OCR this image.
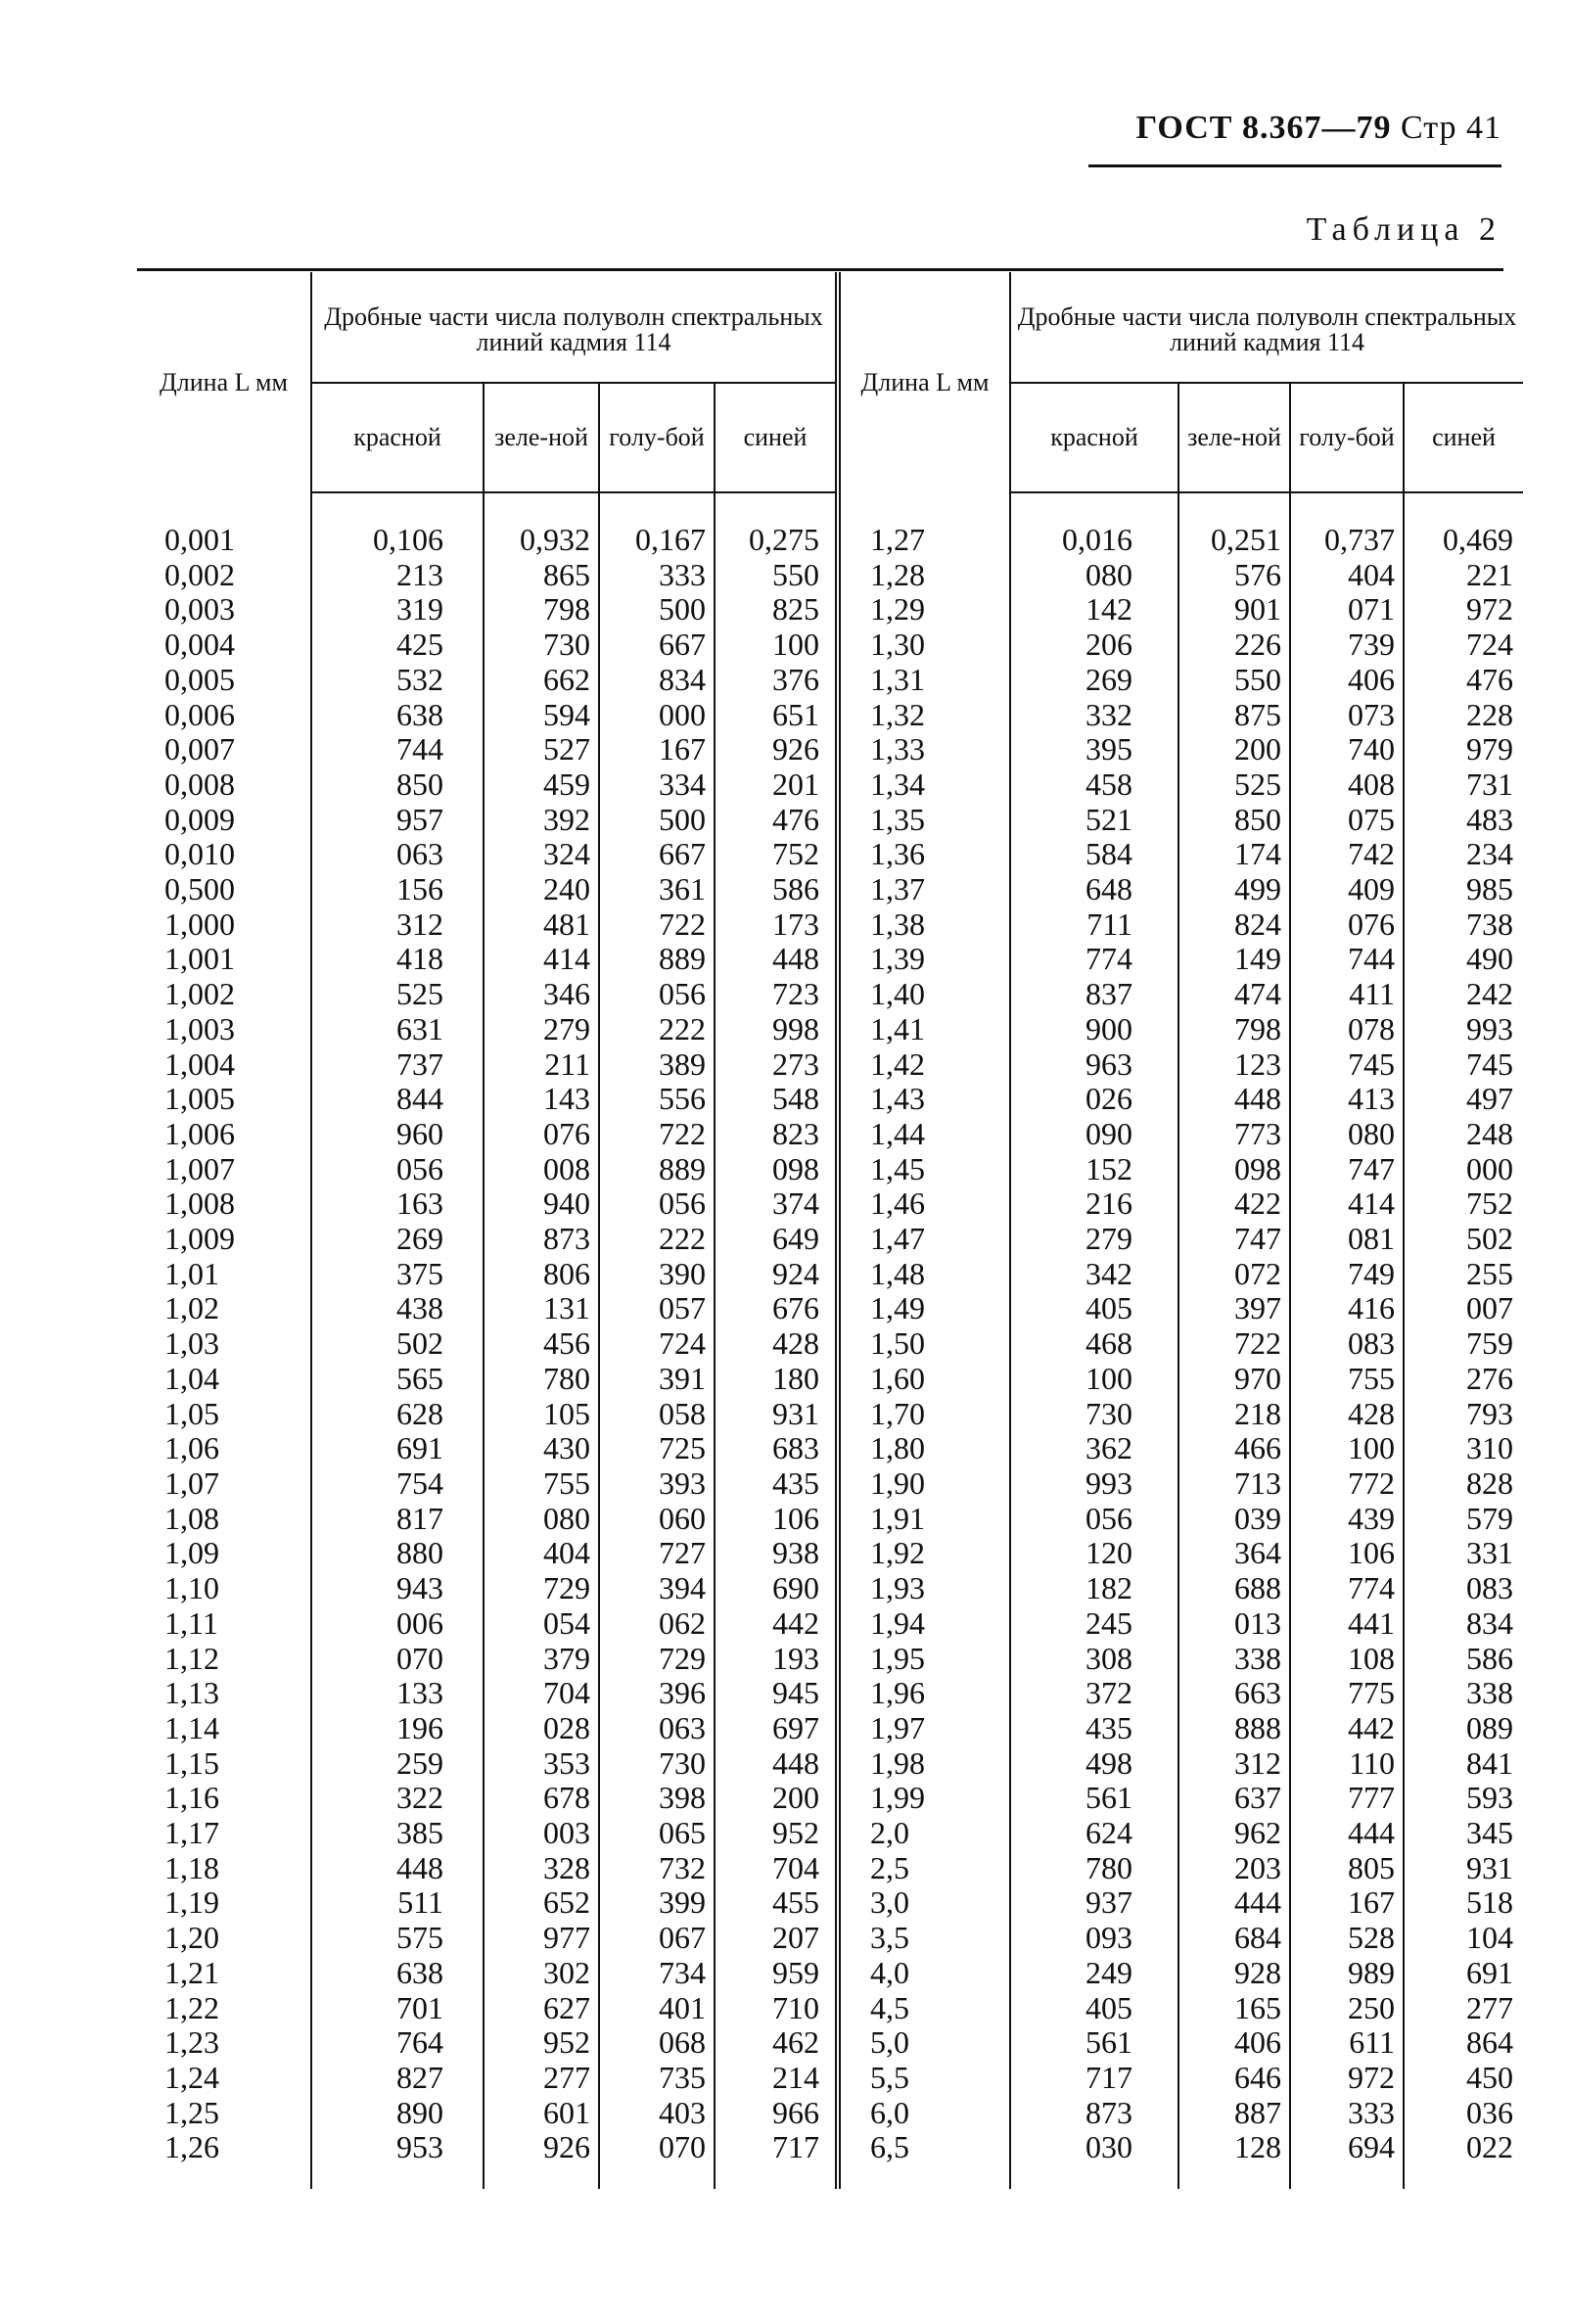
ГОСТ 8.367—79 Стр 41
Таблица 2
Длина L мм	Дробные части числа полуволн спектральных линий кадмия 114				Длина L мм	Дробные части числа полуволн спектральных линий кадмия 114			
	красной	зеле-ной	голу-бой	синей		красной	зеле-ной	голу-бой	синей
0,001	0,106	0,932	0,167	0,275	1,27	0,016	0,251	0,737	0,469
0,002	213	865	333	550	1,28	080	576	404	221
0,003	319	798	500	825	1,29	142	901	071	972
0,004	425	730	667	100	1,30	206	226	739	724
0,005	532	662	834	376	1,31	269	550	406	476
0,006	638	594	000	651	1,32	332	875	073	228
0,007	744	527	167	926	1,33	395	200	740	979
0,008	850	459	334	201	1,34	458	525	408	731
0,009	957	392	500	476	1,35	521	850	075	483
0,010	063	324	667	752	1,36	584	174	742	234
0,500	156	240	361	586	1,37	648	499	409	985
1,000	312	481	722	173	1,38	711	824	076	738
1,001	418	414	889	448	1,39	774	149	744	490
1,002	525	346	056	723	1,40	837	474	411	242
1,003	631	279	222	998	1,41	900	798	078	993
1,004	737	211	389	273	1,42	963	123	745	745
1,005	844	143	556	548	1,43	026	448	413	497
1,006	960	076	722	823	1,44	090	773	080	248
1,007	056	008	889	098	1,45	152	098	747	000
1,008	163	940	056	374	1,46	216	422	414	752
1,009	269	873	222	649	1,47	279	747	081	502
1,01	375	806	390	924	1,48	342	072	749	255
1,02	438	131	057	676	1,49	405	397	416	007
1,03	502	456	724	428	1,50	468	722	083	759
1,04	565	780	391	180	1,60	100	970	755	276
1,05	628	105	058	931	1,70	730	218	428	793
1,06	691	430	725	683	1,80	362	466	100	310
1,07	754	755	393	435	1,90	993	713	772	828
1,08	817	080	060	106	1,91	056	039	439	579
1,09	880	404	727	938	1,92	120	364	106	331
1,10	943	729	394	690	1,93	182	688	774	083
1,11	006	054	062	442	1,94	245	013	441	834
1,12	070	379	729	193	1,95	308	338	108	586
1,13	133	704	396	945	1,96	372	663	775	338
1,14	196	028	063	697	1,97	435	888	442	089
1,15	259	353	730	448	1,98	498	312	110	841
1,16	322	678	398	200	1,99	561	637	777	593
1,17	385	003	065	952	2,0	624	962	444	345
1,18	448	328	732	704	2,5	780	203	805	931
1,19	511	652	399	455	3,0	937	444	167	518
1,20	575	977	067	207	3,5	093	684	528	104
1,21	638	302	734	959	4,0	249	928	989	691
1,22	701	627	401	710	4,5	405	165	250	277
1,23	764	952	068	462	5,0	561	406	611	864
1,24	827	277	735	214	5,5	717	646	972	450
1,25	890	601	403	966	6,0	873	887	333	036
1,26	953	926	070	717	6,5	030	128	694	022
